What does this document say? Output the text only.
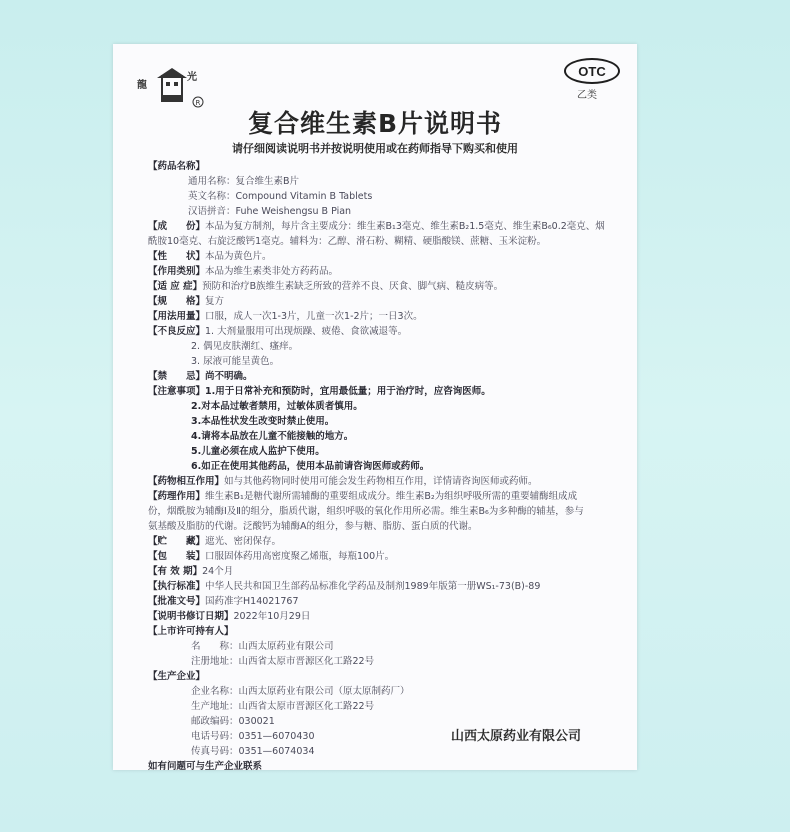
龍
光
R
OTC
乙类
复合维生素B片说明书
请仔细阅读说明书并按说明使用或在药师指导下购买和使用
【药品名称】
通用名称：复合维生素B片
英文名称：Compound Vitamin B Tablets
汉语拼音：Fuhe Weishengsu B Pian
【成　　份】本品为复方制剂，每片含主要成分：维生素B₁3毫克、维生素B₂1.5毫克、维生素B₆0.2毫克、烟
酰胺10毫克、右旋泛酸钙1毫克。辅料为：乙醇、滑石粉、糊精、硬脂酸镁、蔗糖、玉米淀粉。
【性　　状】本品为黄色片。
【作用类别】本品为维生素类非处方药药品。
【适 应 症】预防和治疗B族维生素缺乏所致的营养不良、厌食、脚气病、糙皮病等。
【规　　格】复方
【用法用量】口服，成人一次1-3片，儿童一次1-2片；一日3次。
【不良反应】1. 大剂量服用可出现烦躁、疲倦、食欲减退等。
2. 偶见皮肤潮红、瘙痒。
3. 尿液可能呈黄色。
【禁　　忌】尚不明确。
【注意事项】1.用于日常补充和预防时，宜用最低量；用于治疗时，应咨询医师。
2.对本品过敏者禁用，过敏体质者慎用。
3.本品性状发生改变时禁止使用。
4.请将本品放在儿童不能接触的地方。
5.儿童必须在成人监护下使用。
6.如正在使用其他药品，使用本品前请咨询医师或药师。
【药物相互作用】如与其他药物同时使用可能会发生药物相互作用，详情请咨询医师或药师。
【药理作用】维生素B₁是糖代谢所需辅酶的重要组成成分。维生素B₂为组织呼吸所需的重要辅酶组成成
份，烟酰胺为辅酶Ⅰ及Ⅱ的组分，脂质代谢，组织呼吸的氧化作用所必需。维生素B₆为多种酶的辅基，参与
氨基酸及脂肪的代谢。泛酸钙为辅酶A的组分，参与糖、脂肪、蛋白质的代谢。
【贮　　藏】遮光、密闭保存。
【包　　装】口服固体药用高密度聚乙烯瓶，每瓶100片。
【有 效 期】24个月
【执行标准】中华人民共和国卫生部药品标准化学药品及制剂1989年版第一册WS₁-73(B)-89
【批准文号】国药准字H14021767
【说明书修订日期】2022年10月29日
【上市许可持有人】
名　　称：山西太原药业有限公司
注册地址：山西省太原市晋源区化工路22号
【生产企业】
企业名称：山西太原药业有限公司（原太原制药厂）
生产地址：山西省太原市晋源区化工路22号
邮政编码：030021
电话号码：0351—6070430
传真号码：0351—6074034
如有问题可与生产企业联系
山西太原药业有限公司
